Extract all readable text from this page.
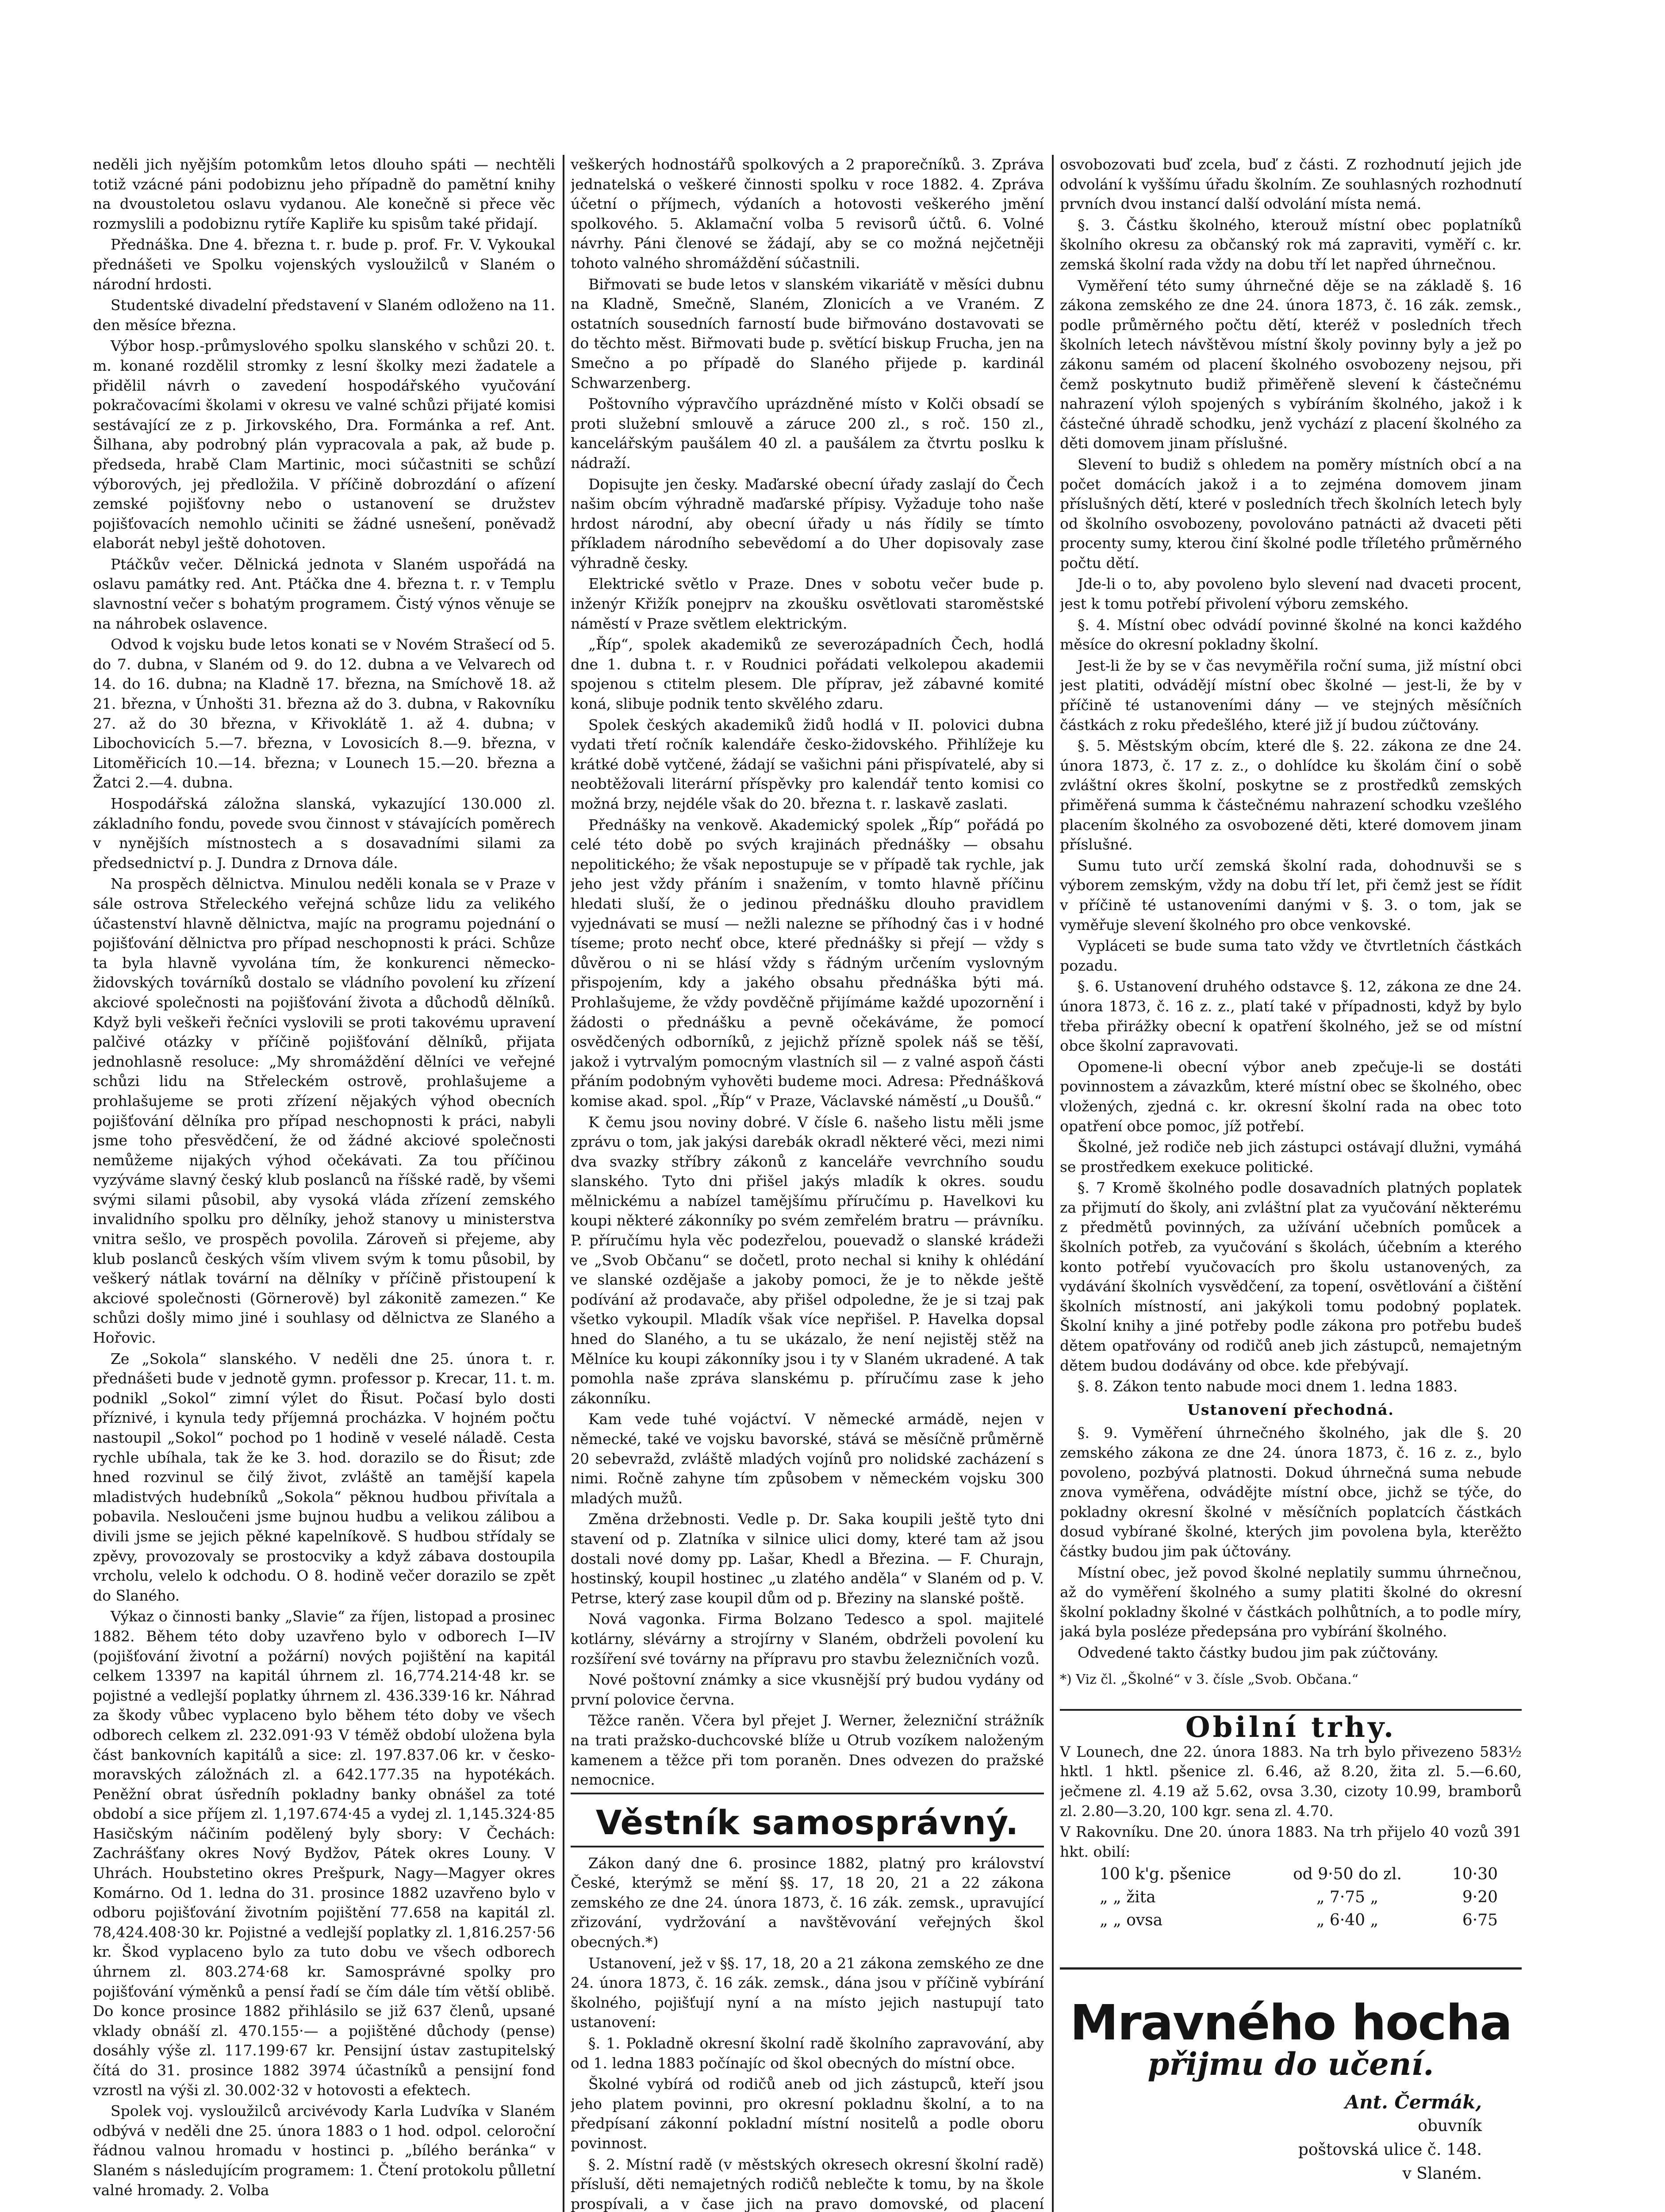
neděli jich nyějším potomkům letos dlouho spáti — nechtěli totiž vzácné páni podobiznu jeho případně do pamětní knihy na dvoustoletou oslavu vydanou. Ale konečně si přece věc rozmyslili a podobiznu rytíře Kapliře ku spisům také přidají.

Přednáška. Dne 4. března t. r. bude p. prof. Fr. V. Vykoukal přednášeti ve Spolku vojenských vysloužilců v Slaném o národní hrdosti.

Studentské divadelní představení v Slaném odloženo na 11. den měsíce března.

Výbor hosp.-průmyslového spolku slanského v schůzi 20. t. m. konané rozdělil stromky z lesní školky mezi žadatele a přidělil návrh o zavedení hospodářského vyučování pokračovacími školami v okresu ve valné schůzi přijaté komisi sestávající ze z p. Jirkovského, Dra. Formánka a ref. Ant. Šilhana, aby podrobný plán vypracovala a pak, až bude p. předseda, hrabě Clam Martinic, moci súčastniti se schůzí výborových, jej předložila. V příčině dobrozdání o afízení zemské pojišťovny nebo o ustanovení se družstev pojišťovacích nemohlo učiniti se žádné usnešení, poněvadž elaborát nebyl ještě dohotoven.

Ptáčkův večer. Dělnická jednota v Slaném uspořádá na oslavu památky red. Ant. Ptáčka dne 4. března t. r. v Templu slavnostní večer s bohatým programem. Čistý výnos věnuje se na náhrobek oslavence.

Odvod k vojsku bude letos konati se v Novém Strašecí od 5. do 7. dubna, v Slaném od 9. do 12. dubna a ve Velvarech od 14. do 16. dubna; na Kladně 17. března, na Smíchově 18. až 21. března, v Únhošti 31. března až do 3. dubna, v Rakovníku 27. až do 30 března, v Křivoklátě 1. až 4. dubna; v Libochovicích 5.—7. března, v Lovosicích 8.—9. března, v Litoměřicích 10.—14. března; v Lounech 15.—20. března a Žatci 2.—4. dubna.

Hospodářská záložna slanská, vykazující 130.000 zl. základního fondu, povede svou činnost v stávajících poměrech v nynějších místnostech a s dosavadními silami za předsednictví p. J. Dundra z Drnova dále.

Na prospěch dělnictva. Minulou neděli konala se v Praze v sále ostrova Střeleckého veřejná schůze lidu za velikého účastenství hlavně dělnictva, majíc na programu pojednání o pojišťování dělnictva pro případ neschopnosti k práci. Schůze ta byla hlavně vyvolána tím, že konkurenci německo-židovských továrníků dostalo se vládního povolení ku zřízení akciové společnosti na pojišťování života a důchodů dělníků. Když byli veškeři řečníci vyslovili se proti takovému upravení palčivé otázky v příčině pojišťování dělníků, přijata jednohlasně resoluce: „My shromáždění dělníci ve veřejné schůzi lidu na Střeleckém ostrově, prohlašujeme a prohlašujeme se proti zřízení nějakých výhod obecních pojišťování dělníka pro případ neschopnosti k práci, nabyli jsme toho přesvědčení, že od žádné akciové společnosti nemůžeme nijakých výhod očekávati. Za tou příčinou vyzýváme slavný český klub poslanců na říšské radě, by všemi svými silami působil, aby vysoká vláda zřízení zemského invalidního spolku pro dělníky, jehož stanovy u ministerstva vnitra sešlo, ve prospěch povolila. Zároveň si přejeme, aby klub poslanců českých vším vlivem svým k tomu působil, by veškerý nátlak tovární na dělníky v příčině přistoupení k akciové společnosti (Görnerově) byl zákonitě zamezen.“ Ke schůzi došly mimo jiné i souhlasy od dělnictva ze Slaného a Hořovic.

Ze „Sokola“ slanského. V neděli dne 25. února t. r. přednášeti bude v jednotě gymn. professor p. Krecar, 11. t. m. podnikl „Sokol“ zimní výlet do Řisut. Počasí bylo dosti příznivé, i kynula tedy příjemná procházka. V hojném počtu nastoupil „Sokol“ pochod po 1 hodině v veselé náladě. Cesta rychle ubíhala, tak že ke 3. hod. dorazilo se do Řisut; zde hned rozvinul se čilý život, zvláště an tamější kapela mladistvých hudebníků „Sokola“ pěknou hudbou přivítala a pobavila. Nesloučeni jsme bujnou hudbu a velikou zálibou a divili jsme se jejich pěkné kapelníkově. S hudbou střídaly se zpěvy, provozovaly se prostocviky a když zábava dostoupila vrcholu, velelo k odchodu. O 8. hodině večer dorazilo se zpět do Slaného.

Výkaz o činnosti banky „Slavie“ za říjen, listopad a prosinec 1882. Během této doby uzavřeno bylo v odborech I—IV (pojišťování životní a požární) nových pojištění na kapitál celkem 13397 na kapitál úhrnem zl. 16,774.214·48 kr. se pojistné a vedlejší poplatky úhrnem zl. 436.339·16 kr. Náhrad za škody vůbec vyplaceno bylo během této doby ve všech odborech celkem zl. 232.091·93 V téměž období uložena byla část bankovních kapitálů a sice: zl. 197.837.06 kr. v česko-moravských záložnách zl. a 642.177.35 na hypotékách. Peněžní obrat úsředníh pokladny banky obnášel za toté období a sice příjem zl. 1,197.674·45 a vydej zl. 1,145.324·85 Hasičským náčiním podělený byly sbory: V Čechách: Zachrášťany okres Nový Bydžov, Pátek okres Louny. V Uhrách. Houbstetino okres Prešpurk, Nagy—Magyer okres Komárno. Od 1. ledna do 31. prosince 1882 uzavřeno bylo v odboru pojišťování životním pojištění 77.658 na kapitál zl. 78,424.408·30 kr. Pojistné a vedlejší poplatky zl. 1,816.257·56 kr. Škod vyplaceno bylo za tuto dobu ve všech odborech úhrnem zl. 803.274·68 kr. Samosprávné spolky pro pojišťování výměnků a pensí řadí se čím dále tím větší oblibě. Do konce prosince 1882 přihlásilo se již 637 členů, upsané vklady obnáší zl. 470.155·— a pojištěné důchody (pense) dosáhly výše zl. 117.199·67 kr. Pensijní ústav zastupitelský čítá do 31. prosince 1882 3974 účastníků a pensijní fond vzrostl na výši zl. 30.002·32 v hotovosti a efektech.

Spolek voj. vysloužilců arcivévody Karla Ludvíka v Slaném odbývá v neděli dne 25. února 1883 o 1 hod. odpol. celoroční řádnou valnou hromadu v hostinci p. „bílého beránka“ v Slaném s následujícím programem: 1. Čtení protokolu půlletní valné hromady. 2. Volba

veškerých hodnostářů spolkových a 2 praporečníků. 3. Zpráva jednatelská o veškeré činnosti spolku v roce 1882. 4. Zpráva účetní o příjmech, výdaních a hotovosti veškerého jmění spolkového. 5. Aklamační volba 5 revisorů účtů. 6. Volné návrhy. Páni členové se žádají, aby se co možná nejčetněji tohoto valného shromáždění súčastnili.

Biřmovati se bude letos v slanském vikariátě v měsíci dubnu na Kladně, Smečně, Slaném, Zlonicích a ve Vraném. Z ostatních sousedních farností bude biřmováno dostavovati se do těchto měst. Biřmovati bude p. světící biskup Frucha, jen na Smečno a po případě do Slaného přijede p. kardinál Schwarzenberg.

Poštovního výpravčího uprázdněné místo v Kolči obsadí se proti služební smlouvě a záruce 200 zl., s roč. 150 zl., kancelářským paušálem 40 zl. a paušálem za čtvrtu poslku k nádraží.

Dopisujte jen česky. Maďarské obecní úřady zaslají do Čech našim obcím výhradně maďarské přípisy. Vyžaduje toho naše hrdost národní, aby obecní úřady u nás řídily se tímto příkladem národního sebevědomí a do Uher dopisovaly zase výhradně česky.

Elektrické světlo v Praze. Dnes v sobotu večer bude p. inženýr Křižík ponejprv na zkoušku osvětlovati staroměstské náměstí v Praze světlem elektrickým.

„Říp“, spolek akademiků ze severozápadních Čech, hodlá dne 1. dubna t. r. v Roudnici pořádati velkolepou akademii spojenou s ctitelm plesem. Dle příprav, jež zábavné komité koná, slibuje podnik tento skvělého zdaru.

Spolek českých akademiků židů hodlá v II. polovici dubna vydati třetí ročník kalendáře česko-židovského. Přihlížeje ku krátké době vytčené, žádají se vašichni páni přispívatelé, aby si neobtěžovali literární příspěvky pro kalendář tento komisi co možná brzy, nejdéle však do 20. března t. r. laskavě zaslati.

Přednášky na venkově. Akademický spolek „Říp“ pořádá po celé této době po svých krajinách přednášky — obsahu nepolitického; že však nepostupuje se v případě tak rychle, jak jeho jest vždy přáním i snažením, v tomto hlavně příčinu hledati sluší, že o jedinou přednášku dlouho pravidlem vyjednávati se musí — nežli nalezne se příhodný čas i v hodné tíseme; proto nechť obce, které přednášky si přejí — vždy s důvěrou o ni se hlásí vždy s řádným určením vyslovným přispojením, kdy a jakého obsahu přednáška býti má. Prohlašujeme, že vždy povděčně přijímáme každé upozornění i žádosti o přednášku a pevně očekáváme, že pomocí osvědčených odborníků, z jejichž přízně spolek náš se těší, jakož i vytrvalým pomocným vlastních sil — z valné aspoň části přáním podobným vyhověti budeme moci. Adresa: Přednášková komise akad. spol. „Říp“ v Praze, Václavské náměstí „u Doušů.“

K čemu jsou noviny dobré. V čísle 6. našeho listu měli jsme zprávu o tom, jak jakýsi darebák okradl některé věci, mezi nimi dva svazky stříbry zákonů z kanceláře vevrchního soudu slanského. Tyto dni přišel jakýs mladík k okres. soudu mělnickému a nabízel tamějšímu příručímu p. Havelkovi ku koupi některé zákonníky po svém zemřelém bratru — právníku. P. příručímu hyla věc podezřelou, pouevadž o slanské krádeži ve „Svob Občanu“ se dočetl, proto nechal si knihy k ohlédání ve slanské ozdějaše a jakoby pomoci, že je to někde ještě podívání až prodavače, aby přišel odpoledne, že je si tzaj pak všetko vykoupil. Mladík však více nepřišel. P. Havelka dopsal hned do Slaného, a tu se ukázalo, že není nejistěj stěž na Mělníce ku koupi zákonníky jsou i ty v Slaném ukradené. A tak pomohla naše zpráva slanskému p. příručímu zase k jeho zákonníku.

Kam vede tuhé vojáctví. V německé armádě, nejen v německé, také ve vojsku bavorské, stává se měsíčně průměrně 20 sebevražd, zvláště mladých vojínů pro nolidské zacházení s nimi. Ročně zahyne tím způsobem v německém vojsku 300 mladých mužů.

Změna držebnosti. Vedle p. Dr. Saka koupili ještě tyto dni stavení od p. Zlatníka v silnice ulici domy, které tam až jsou dostali nové domy pp. Lašar, Khedl a Březina. — F. Churajn, hostinský, koupil hostinec „u zlatého anděla“ v Slaném od p. V. Petrse, který zase koupil dům od p. Březiny na slanské poště.

Nová vagonka. Firma Bolzano Tedesco a spol. majitelé kotlárny, slévárny a strojírny v Slaném, obdrželi povolení ku rozšíření své továrny na přípravu pro stavbu železničních vozů.

Nové poštovní známky a sice vkusnější prý budou vydány od první polovice června.

Těžce raněn. Včera byl přejet J. Werner, železniční strážník na trati pražsko-duchcovské blíže u Otrub vozíkem naloženým kamenem a těžce při tom poraněn. Dnes odvezen do pražské nemocnice.

Věstník samosprávný.

Zákon daný dne 6. prosince 1882, platný pro království České, kterýmž se mění §§. 17, 18 20, 21 a 22 zákona zemského ze dne 24. února 1873, č. 16 zák. zemsk., upravující zřizování, vydržování a navštěvování veřejných škol obecných.*)

Ustanovení, jež v §§. 17, 18, 20 a 21 zákona zemského ze dne 24. února 1873, č. 16 zák. zemsk., dána jsou v příčině vybírání školného, pojišťují nyní a na místo jejich nastupují tato ustanovení:

§. 1. Pokladně okresní školní radě školního zapravování, aby od 1. ledna 1883 počínajíc od škol obecných do místní obce.

Školné vybírá od rodičů aneb od jich zástupců, kteří jsou jeho platem povinni, pro okresní pokladnu školní, a to na předpísaní zákonní pokladní místní nositelů a podle oboru povinnost.

§. 2. Místní radě (v městských okresech okresní školní radě) přísluší, děti nemajetných rodičů neblečte k tomu, by na škole prospívali, a v čase jich na pravo domovské, od placení

osvobozovati buď zcela, buď z části. Z rozhodnutí jejich jde odvolání k vyššímu úřadu školním. Ze souhlasných rozhodnutí prvních dvou instancí další odvolání místa nemá.

§. 3. Částku školného, kterouž místní obec poplatníků školního okresu za občanský rok má zapraviti, vyměří c. kr. zemská školní rada vždy na dobu tří let napřed úhrnečnou.

Vyměření této sumy úhrnečné děje se na základě §. 16 zákona zemského ze dne 24. února 1873, č. 16 zák. zemsk., podle průměrného počtu dětí, kteréž v posledních třech školních letech návštěvou místní školy povinny byly a jež po zákonu samém od placení školného osvobozeny nejsou, při čemž poskytnuto budiž přiměřeně slevení k částečnému nahrazení výloh spojených s vybíráním školného, jakož i k částečné úhradě schodku, jenž vychází z placení školného za děti domovem jinam příslušné.

Slevení to budiž s ohledem na poměry místních obcí a na počet domácích jakož i a to zejména domovem jinam příslušných dětí, které v posledních třech školních letech byly od školního osvobozeny, povolováno patnácti až dvaceti pěti procenty sumy, kterou činí školné podle tříletého průměrného počtu dětí.

Jde-li o to, aby povoleno bylo slevení nad dvaceti procent, jest k tomu potřebí přivolení výboru zemského.

§. 4. Místní obec odvádí povinné školné na konci každého měsíce do okresní pokladny školní.

Jest-li že by se v čas nevyměřila roční suma, již místní obci jest platiti, odvádějí místní obec školné — jest-li, že by v příčině té ustanoveními dány — ve stejných měsíčních částkách z roku předešlého, které již jí budou zúčtovány.

§. 5. Městským obcím, které dle §. 22. zákona ze dne 24. února 1873, č. 17 z. z., o dohlídce ku školám činí o sobě zvláštní okres školní, poskytne se z prostředků zemských přiměřená summa k částečnému nahrazení schodku vzešlého placením školného za osvobozené děti, které domovem jinam příslušné.

Sumu tuto určí zemská školní rada, dohodnuvši se s výborem zemským, vždy na dobu tří let, při čemž jest se řídit v příčině té ustanoveními danými v §. 3. o tom, jak se vyměřuje slevení školného pro obce venkovské.

Vypláceti se bude suma tato vždy ve čtvrtletních částkách pozadu.

§. 6. Ustanovení druhého odstavce §. 12, zákona ze dne 24. února 1873, č. 16 z. z., platí také v případnosti, když by bylo třeba přirážky obecní k opatření školného, jež se od místní obce školní zapravovati.

Opomene-li obecní výbor aneb zpečuje-li se dostáti povinnostem a závazkům, které místní obec se školného, obec vložených, zjedná c. kr. okresní školní rada na obec toto opatření obce pomoc, jíž potřebí.

Školné, jež rodiče neb jich zástupci ostávají dlužni, vymáhá se prostředkem exekuce politické.

§. 7 Kromě školného podle dosavadních platných poplatek za přijmutí do školy, ani zvláštní plat za vyučování některému z předmětů povinných, za užívání učebních pomůcek a školních potřeb, za vyučování s školách, účebním a kterého konto potřebí vyučovacích pro školu ustanovených, za vydávání školních vysvědčení, za topení, osvětlování a čištění školních místností, ani jakýkoli tomu podobný poplatek. Školní knihy a jiné potřeby podle zákona pro potřebu budeš dětem opatřovány od rodičů aneb jich zástupců, nemajetným dětem budou dodávány od obce. kde přebývají.

§. 8. Zákon tento nabude moci dnem 1. ledna 1883.

Ustanovení přechodná.

§. 9. Vyměření úhrnečného školného, jak dle §. 20 zemského zákona ze dne 24. února 1873, č. 16 z. z., bylo povoleno, pozbývá platnosti. Dokud úhrnečná suma nebude znova vyměřena, odvádějte místní obce, jichž se týče, do pokladny okresní školné v měsíčních poplatcích částkách dosud vybírané školné, kterých jim povolena byla, kterěžto částky budou jim pak účtovány.

Místní obec, jež povod školné neplatily summu úhrnečnou, až do vyměření školného a sumy platiti školné do okresní školní pokladny školné v částkách polhůtních, a to podle míry, jaká byla posléze předepsána pro vybírání školného.

Odvedené takto částky budou jim pak zúčtovány.

*) Viz čl. „Školné“ v 3. čísle „Svob. Občana.“

Obilní trhy.

V Lounech, dne 22. února 1883. Na trh bylo přivezeno 583½ hktl. 1 hktl. pšenice zl. 6.46, až 8.20, žita zl. 5.—6.60, ječmene zl. 4.19 až 5.62, ovsa 3.30, cizoty 10.99, bramborů zl. 2.80—3.20, 100 kgr. sena zl. 4.70.

V Rakovníku. Dne 20. února 1883. Na trh přijelo 40 vozů 391 hkt. obilí:

100 k'g. pšenice	od 9·50 do zl.	10·30
„ „ žita	„ 7·75 „	9·20
„ „ ovsa	„ 6·40 „	6·75
Mravného hocha
přijmu do učení.
Ant. Čermák,
obuvník
poštovská ulice č. 148.
v Slaném.
